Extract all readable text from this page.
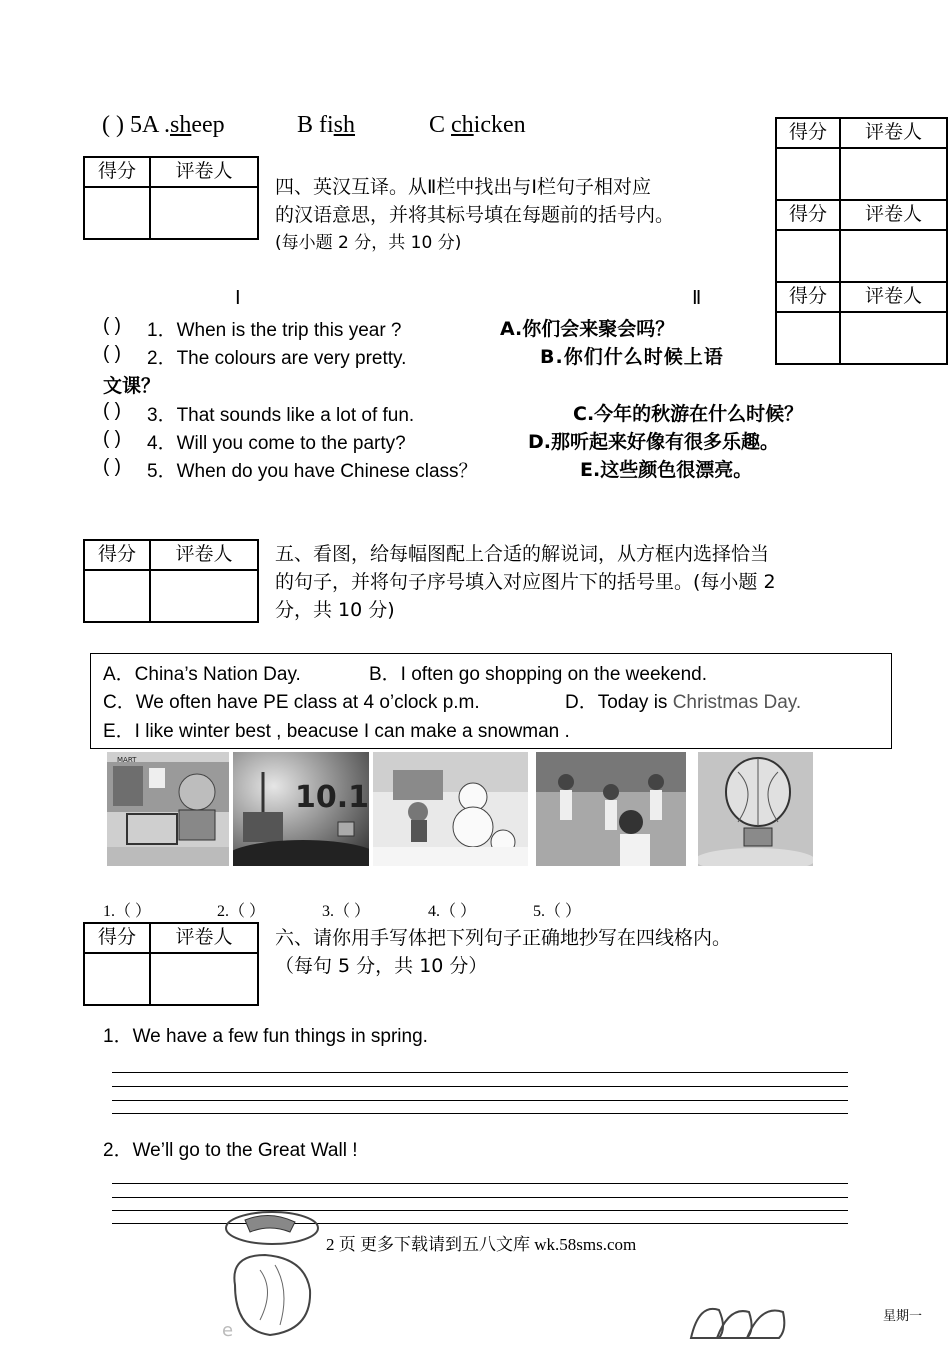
( ) 5A .sheep	B fish	C chicken	得分	评卷人

得分	评卷人

得分	评卷人

得分	评卷人

四、英汉互译。从Ⅱ栏中找出与Ⅰ栏句子相对应
的汉语意思，并将其标号填在每题前的括号内。
(每小题 2 分，共 10 分)
Ⅰ	Ⅱ
( ) 1．When is the trip this year ?	A.你们会来聚会吗？
( ) 2．The colours are very pretty.	B.你们什么时候上语
文课？
( ) 3．That sounds like a lot of fun.	C.今年的秋游在什么时候？
( ) 4．Will you come to the party?	D.那听起来好像有很多乐趣。
( ) 5．When do you have Chinese class？	E.这些颜色很漂亮。
得分	评卷人
	五、看图，给每幅图配上合适的解说词，从方框内选择恰当
的句子，并将句子序号填入对应图片下的括号里。(每小题 2
分，共 10 分)
A．China’s Nation Day.	B．I often go shopping on the weekend.
C．We often have PE class at 4 o’clock p.m.	D．Today is Christmas Day.
E．I like winter best , beacuse I can make a snowman .
MART
10.1
1.（ ）	2.（ ）	3.（ ）	4.（ ）	5.（ ）
得分	评卷人
	六、请你用手写体把下列句子正确地抄写在四线格内。
（每句 5 分，共 10 分）
1．We have a few fun things in spring.
2．We’ll go to the Great Wall !
e
2 页 更多下载请到五八文库 wk.58sms.com
星期一
